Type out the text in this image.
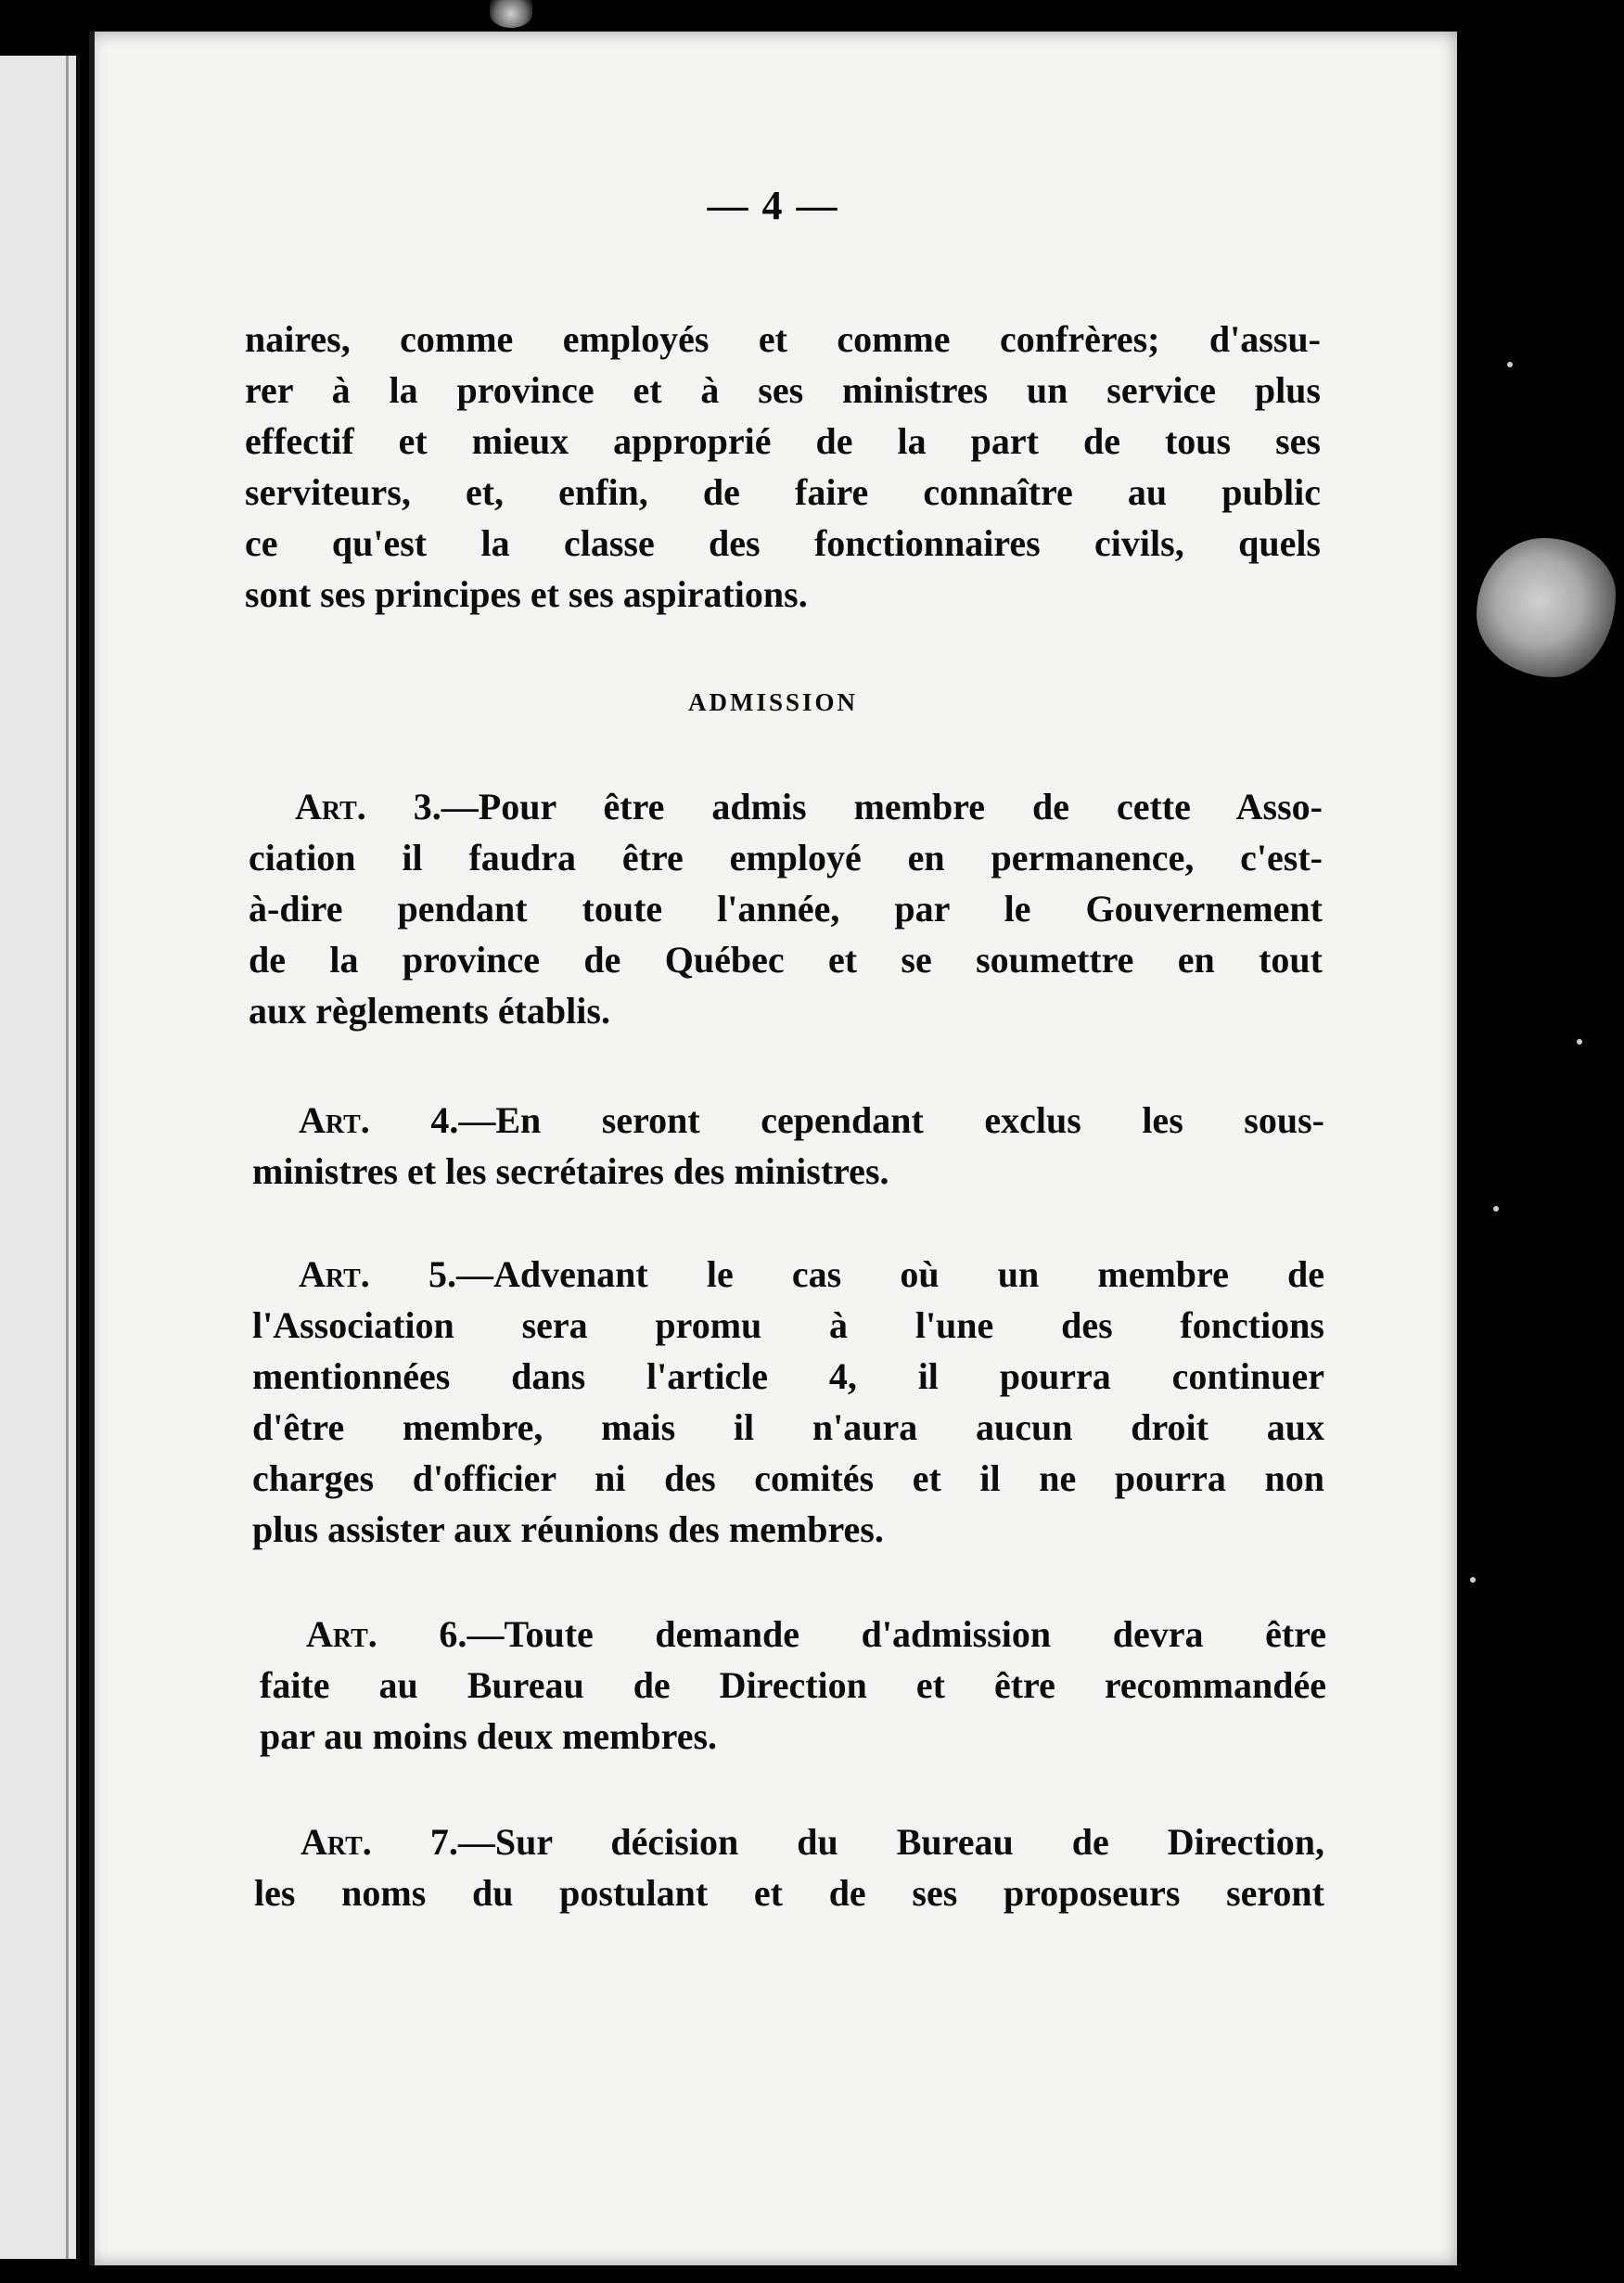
— 4 —
naires, comme employés et comme confrères; d'assu-
rer à la province et à ses ministres un service plus
effectif et mieux approprié de la part de tous ses
serviteurs, et, enfin, de faire connaître au public
ce qu'est la classe des fonctionnaires civils, quels
sont ses principes et ses aspirations.
ADMISSION
Art. 3.—Pour être admis membre de cette Asso-
ciation il faudra être employé en permanence, c'est-
à-dire pendant toute l'année, par le Gouvernement
de la province de Québec et se soumettre en tout
aux règlements établis.
Art. 4.—En seront cependant exclus les sous-
ministres et les secrétaires des ministres.
Art. 5.—Advenant le cas où un membre de
l'Association sera promu à l'une des fonctions
mentionnées dans l'article 4, il pourra continuer
d'être membre, mais il n'aura aucun droit aux
charges d'officier ni des comités et il ne pourra non
plus assister aux réunions des membres.
Art. 6.—Toute demande d'admission devra être
faite au Bureau de Direction et être recommandée
par au moins deux membres.
Art. 7.—Sur décision du Bureau de Direction,
les noms du postulant et de ses proposeurs seront
